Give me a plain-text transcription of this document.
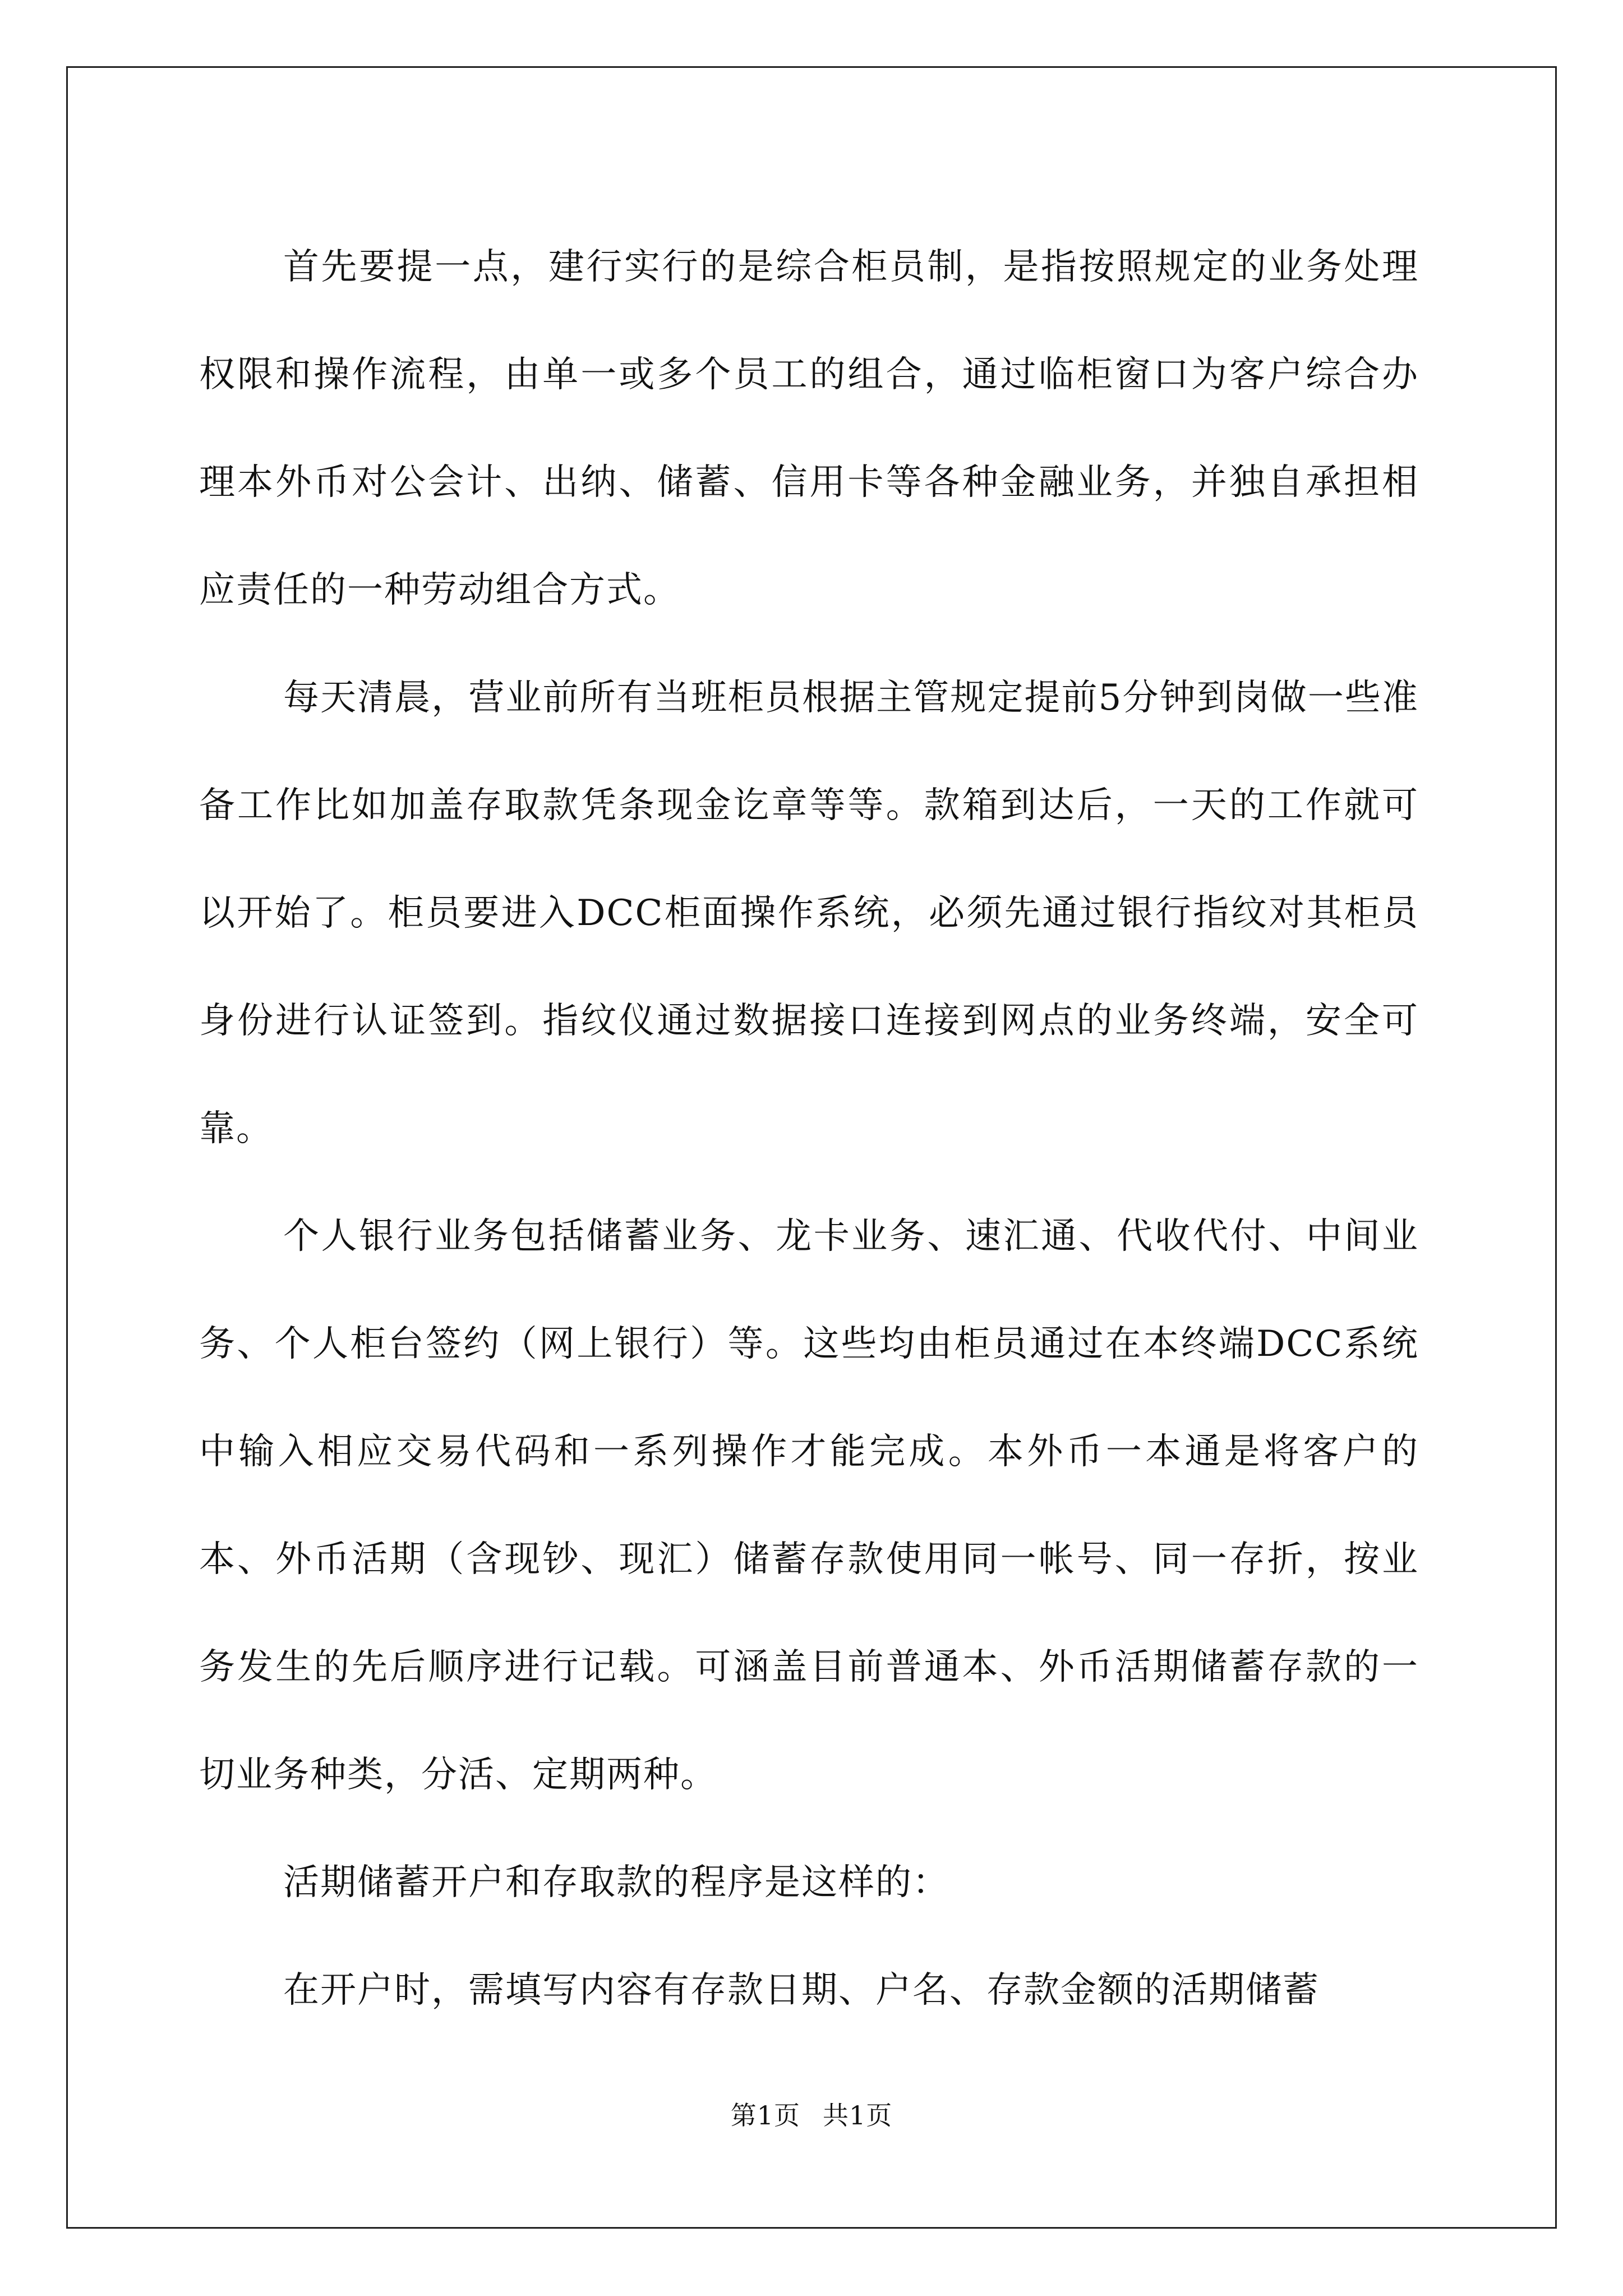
首先要提一点，建行实行的是综合柜员制，是指按照规定的业务处理权限和操作流程，由单一或多个员工的组合，通过临柜窗口为客户综合办理本外币对公会计、出纳、储蓄、信用卡等各种金融业务，并独自承担相应责任的一种劳动组合方式。

每天清晨，营业前所有当班柜员根据主管规定提前5分钟到岗做一些准备工作比如加盖存取款凭条现金讫章等等。款箱到达后，一天的工作就可以开始了。柜员要进入DCC柜面操作系统，必须先通过银行指纹对其柜员身份进行认证签到。指纹仪通过数据接口连接到网点的业务终端，安全可靠。

个人银行业务包括储蓄业务、龙卡业务、速汇通、代收代付、中间业务、个人柜台签约（网上银行）等。这些均由柜员通过在本终端DCC系统中输入相应交易代码和一系列操作才能完成。本外币一本通是将客户的本、外币活期（含现钞、现汇）储蓄存款使用同一帐号、同一存折，按业务发生的先后顺序进行记载。可涵盖目前普通本、外币活期储蓄存款的一切业务种类，分活、定期两种。

活期储蓄开户和存取款的程序是这样的：

在开户时，需填写内容有存款日期、户名、存款金额的活期储蓄

第1页 共1页
